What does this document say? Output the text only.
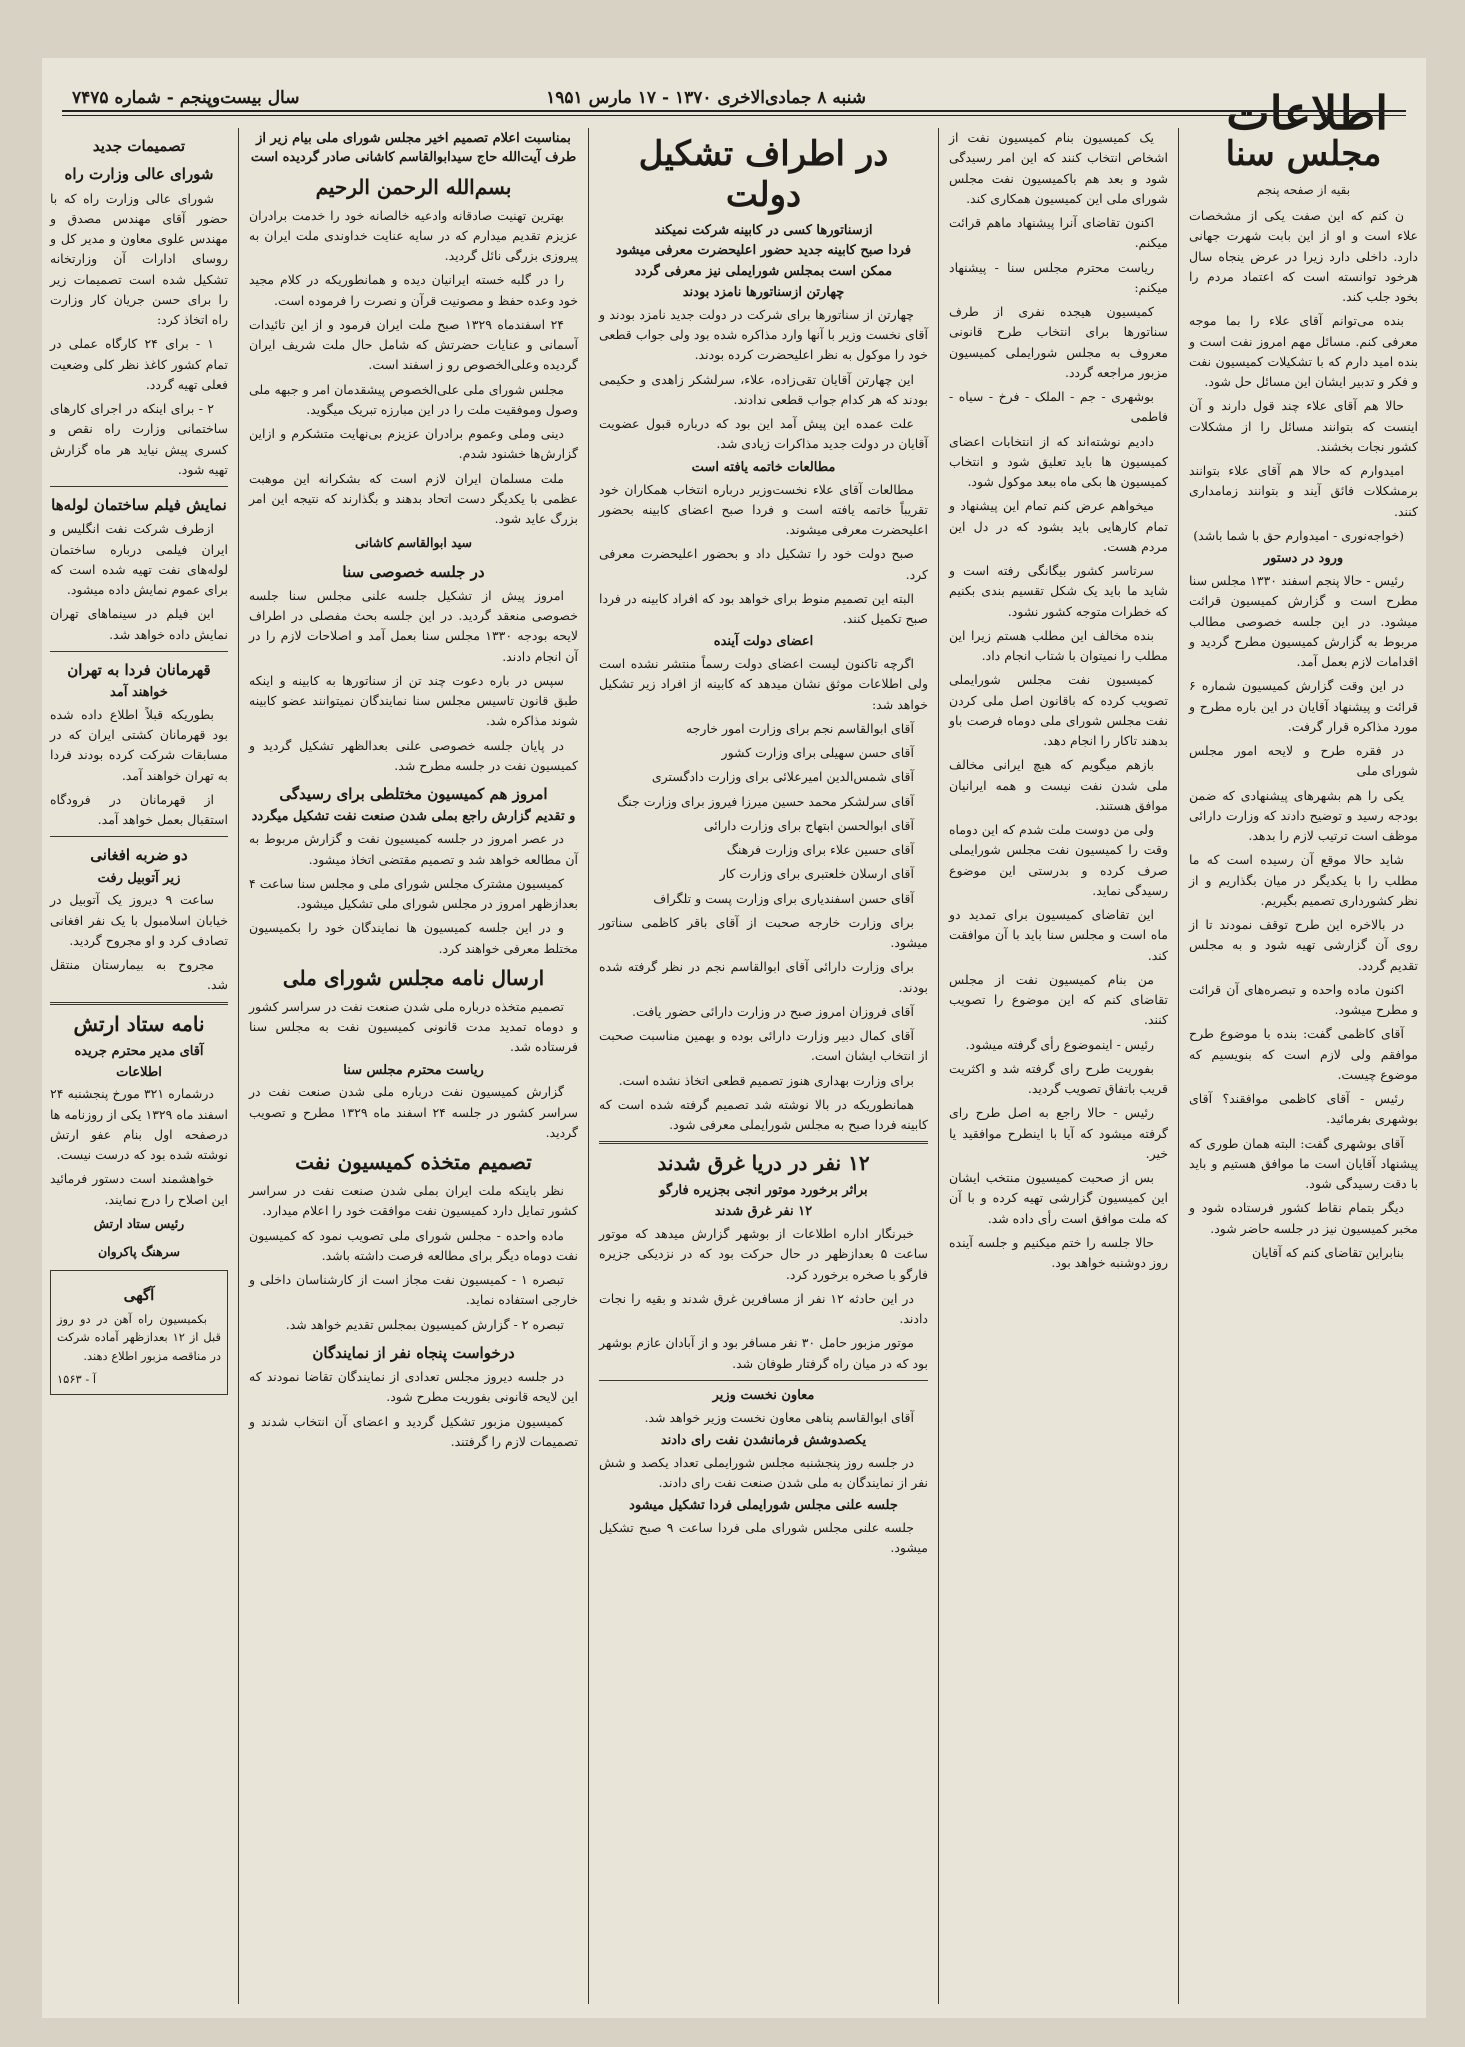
اطلاعات
شنبه ۸ جمادی‌الاخری ۱۳۷۰ - ۱۷ مارس ۱۹۵۱
سال بیست‌وپنجم - شماره ۷۴۷۵
مجلس سنا
بقیه از صفحه پنجم

ن کنم که این صفت یکی از مشخصات علاء است و او از این بابت شهرت جهانی دارد. داخلی دارد زیرا در عرض ینجاه سال هرخود توانسته است که اعتماد مردم را بخود جلب کند.

بنده می‌توانم آقای علاء را بما موجه معرفی کنم. مسائل مهم امروز نفت است و بنده امید دارم که با تشکیلات کمیسیون نفت و فکر و تدبیر ایشان این مسائل حل شود.

حالا هم آقای علاء چند قول دارند و آن اینست که بتوانند مسائل را از مشکلات کشور نجات بخشند.

امیدوارم که حالا هم آقای علاء بتوانند برمشکلات فائق آیند و بتوانند زمامداری کنند.

(خواجه‌نوری - امیدوارم حق با شما باشد)

ورود در دستور

رئیس - حالا پنجم اسفند ۱۳۳۰ مجلس سنا مطرح است و گزارش کمیسیون قرائت میشود. در این جلسه خصوصی مطالب مربوط به گزارش کمیسیون مطرح گردید و اقدامات لازم بعمل آمد.

در این وقت گزارش کمیسیون شماره ۶ قرائت و پیشنهاد آقایان در این باره مطرح و مورد مذاکره قرار گرفت.

در فقره طرح و لایحه امور مجلس شورای ملی

یکی را هم بشهرهای پیشنهادی که ضمن بودجه رسید و توضیح دادند که وزارت دارائی موظف است ترتیب لازم را بدهد.

شاید حالا موقع آن رسیده است که ما مطلب را با یکدیگر در میان بگذاریم و از نظر کشورداری تصمیم بگیریم.

در بالاخره این طرح توقف نمودند تا از روی آن گزارشی تهیه شود و به مجلس تقدیم گردد.

اکنون ماده واحده و تبصره‌های آن قرائت و مطرح میشود.

آقای کاظمی گفت: بنده با موضوع طرح موافقم ولی لازم است که بنویسیم که موضوع چیست.

رئیس - آقای کاظمی موافقند؟ آقای بوشهری بفرمائید.

آقای بوشهری گفت: البته همان طوری که پیشنهاد آقایان است ما موافق هستیم و باید با دقت رسیدگی شود.

دیگر بتمام نقاط کشور فرستاده شود و مخبر کمیسیون نیز در جلسه حاضر شود.

بنابراین تقاضای کنم که آقایان

یک کمیسیون بنام کمیسیون نفت از اشخاص انتخاب کنند که این امر رسیدگی شود و بعد هم باکمیسیون نفت مجلس شورای ملی این کمیسیون همکاری کند.

اکنون تقاضای آنرا پیشنهاد ماهم قرائت میکنم.

ریاست محترم مجلس سنا - پیشنهاد میکنم:

کمیسیون هیجده نفری از طرف سناتورها برای انتخاب طرح قانونی معروف به مجلس شورایملی کمیسیون مزبور مراجعه گردد.

بوشهری - جم - الملک - فرخ - سیاه - فاطمی

دادیم نوشته‌اند که از انتخابات اعضای کمیسیون ها باید تعلیق شود و انتخاب کمیسیون ها بکی ماه ببعد موکول شود.

میخواهم عرض کنم تمام این پیشنهاد و تمام کارهایی باید بشود که در دل این مردم هست.

سرتاسر کشور بیگانگی رفته است و شاید ما باید یک شکل تقسیم بندی بکنیم که خطرات متوجه کشور نشود.

بنده مخالف این مطلب هستم زیرا این مطلب را نمیتوان با شتاب انجام داد.

کمیسیون نفت مجلس شورایملی تصویب کرده که باقانون اصل ملی کردن نفت مجلس شورای ملی دوماه فرصت باو بدهند تاکار را انجام دهد.

بازهم میگویم که هیچ ایرانی مخالف ملی شدن نفت نیست و همه ایرانیان موافق هستند.

ولی من دوست ملت شدم که این دوماه وقت را کمیسیون نفت مجلس شورایملی صرف کرده و بدرستی این موضوع رسیدگی نماید.

این تقاضای کمیسیون برای تمدید دو ماه است و مجلس سنا باید با آن موافقت کند.

من بنام کمیسیون نفت از مجلس تقاضای کنم که این موضوع را تصویب کنند.

رئیس - اینموضوع رأی گرفته میشود.

بفوریت طرح رای گرفته شد و اکثریت قریب باتفاق تصویب گردید.

رئیس - حالا راجع به اصل طرح رای گرفته میشود که آیا با اینطرح موافقید یا خیر.

بس از صحبت کمیسیون منتخب ایشان این کمیسیون گزارشی تهیه کرده و با آن که ملت موافق است رأی داده شد.

حالا جلسه را ختم میکنیم و جلسه آینده روز دوشنبه خواهد بود.

در اطراف تشکیل دولت
ازسناتورها کسی در کابینه شرکت نمیکند
فردا صبح کابینه جدید حضور اعلیحضرت معرفی میشود
ممکن است بمجلس شورایملی نیز معرفی گردد
چهارتن ازسناتورها نامزد بودند

چهارتن از سناتورها برای شرکت در دولت جدید نامزد بودند و آقای نخست وزیر با آنها وارد مذاکره شده بود ولی جواب قطعی خود را موکول به نظر اعلیحضرت کرده بودند.

این چهارتن آقایان تقی‌زاده، علاء، سرلشکر زاهدی و حکیمی بودند که هر کدام جواب قطعی ندادند.

علت عمده این پیش آمد این بود که درباره قبول عضویت آقایان در دولت جدید مذاکرات زیادی شد.

مطالعات خاتمه یافته است

مطالعات آقای علاء نخست‌وزیر درباره انتخاب همکاران خود تقریباً خاتمه یافته است و فردا صبح اعضای کابینه بحضور اعلیحضرت معرفی میشوند.

صبح دولت خود را تشکیل داد و بحضور اعلیحضرت معرفی کرد.

البته این تصمیم منوط برای خواهد بود که افراد کابینه در فردا صبح تکمیل کنند.

اعضای دولت آینده

اگرچه تاکنون لیست اعضای دولت رسماً منتشر نشده است ولی اطلاعات موثق نشان میدهد که کابینه از افراد زیر تشکیل خواهد شد:

آقای ابوالقاسم نجم برای وزارت امور خارجه

آقای حسن سهیلی برای وزارت کشور

آقای شمس‌الدین امیرعلائی برای وزارت دادگستری

آقای سرلشکر محمد حسین میرزا فیروز برای وزارت جنگ

آقای ابوالحسن ابتهاج برای وزارت دارائی

آقای حسین علاء برای وزارت فرهنگ

آقای ارسلان خلعتبری برای وزارت کار

آقای حسن اسفندیاری برای وزارت پست و تلگراف

برای وزارت خارجه صحبت از آقای باقر کاظمی سناتور میشود.

برای وزارت دارائی آقای ابوالقاسم نجم در نظر گرفته شده بودند.

آقای فروزان امروز صبح در وزارت دارائی حضور یافت.

آقای کمال دبیر وزارت دارائی بوده و بهمین مناسبت صحبت از انتخاب ایشان است.

برای وزارت بهداری هنوز تصمیم قطعی اتخاذ نشده است.

همانطوریکه در بالا نوشته شد تصمیم گرفته شده است که کابینه فردا صبح به مجلس شورایملی معرفی شود.

۱۲ نفر در دریا غرق شدند
براثر برخورد موتور انجی بجزیره فارگو
۱۲ نفر غرق شدند

خبرنگار اداره اطلاعات از بوشهر گزارش میدهد که موتور ساعت ۵ بعدازظهر در حال حرکت بود که در نزدیکی جزیره فارگو با صخره برخورد کرد.

در این حادثه ۱۲ نفر از مسافرین غرق شدند و بقیه را نجات دادند.

موتور مزبور حامل ۳۰ نفر مسافر بود و از آبادان عازم بوشهر بود که در میان راه گرفتار طوفان شد.

معاون نخست وزیر

آقای ابوالقاسم پناهی معاون نخست وزیر خواهد شد.

یکصدوشش فرمانشدن نفت رای دادند

در جلسه روز پنجشنبه مجلس شورایملی تعداد یکصد و شش نفر از نمایندگان به ملی شدن صنعت نفت رای دادند.

جلسه علنی مجلس شورایملی فردا تشکیل میشود

جلسه علنی مجلس شورای ملی فردا ساعت ۹ صبح تشکیل میشود.

بمناسبت اعلام تصمیم اخیر مجلس شورای ملی بیام زیر از طرف آیت‌الله حاج سیدابوالقاسم کاشانی صادر گردیده است
بسم‌الله الرحمن الرحیم

بهترین تهنیت صادقانه وادعیه خالصانه خود را خدمت برادران عزیزم تقدیم میدارم که در سایه عنایت خداوندی ملت ایران به پیروزی بزرگی نائل گردید.

را در گلبه خسته ایرانیان دیده و همانطوریکه در کلام مجید خود وعده حفظ و مصونیت قرآن و نصرت را فرموده است.

۲۴ اسفندماه ۱۳۲۹ صبح ملت ایران فرمود و از این تائیدات آسمانی و عنایات حضرتش که شامل حال ملت شریف ایران گردیده وعلی‌الخصوص رو ز اسفند است.

مجلس شورای ملی علی‌الخصوص پیشقدمان امر و جبهه ملی وصول وموفقیت ملت را در این مبارزه تبریک میگوید.

دینی وملی وعموم برادران عزیزم بی‌نهایت متشکرم و ازاین گزارش‌ها خشنود شدم.

ملت مسلمان ایران لازم است که بشکرانه این موهبت عظمی با یکدیگر دست اتحاد بدهند و بگذارند که نتیجه این امر بزرگ عاید شود.

سید ابوالقاسم کاشانی
در جلسه خصوصی سنا

امروز پیش از تشکیل جلسه علنی مجلس سنا جلسه خصوصی منعقد گردید. در این جلسه بحث مفصلی در اطراف لایحه بودجه ۱۳۳۰ مجلس سنا بعمل آمد و اصلاحات لازم را در آن انجام دادند.

سپس در باره دعوت چند تن از سناتورها به کابینه و اینکه طبق قانون تاسیس مجلس سنا نمایندگان نمیتوانند عضو کابینه شوند مذاکره شد.

در پایان جلسه خصوصی علنی بعدالظهر تشکیل گردید و کمیسیون نفت در جلسه مطرح شد.

امروز هم کمیسیون مختلطی برای رسیدگی
و تقدیم گزارش راجع بملی شدن صنعت نفت تشکیل میگردد

در عصر امروز در جلسه کمیسیون نفت و گزارش مربوط به آن مطالعه خواهد شد و تصمیم مقتضی اتخاذ میشود.

کمیسیون مشترک مجلس شورای ملی و مجلس سنا ساعت ۴ بعدازظهر امروز در مجلس شورای ملی تشکیل میشود.

و در این جلسه کمیسیون ها نمایندگان خود را بکمیسیون مختلط معرفی خواهند کرد.

ارسال نامه مجلس شورای ملی

تصمیم متخذه درباره ملی شدن صنعت نفت در سراسر کشور و دوماه تمدید مدت قانونی کمیسیون نفت به مجلس سنا فرستاده شد.

ریاست محترم مجلس سنا

گزارش کمیسیون نفت درباره ملی شدن صنعت نفت در سراسر کشور در جلسه ۲۴ اسفند ماه ۱۳۲۹ مطرح و تصویب گردید.

تصمیم متخذه کمیسیون نفت

نظر باینکه ملت ایران بملی شدن صنعت نفت در سراسر کشور تمایل دارد کمیسیون نفت موافقت خود را اعلام میدارد.

ماده واحده - مجلس شورای ملی تصویب نمود که کمیسیون نفت دوماه دیگر برای مطالعه فرصت داشته باشد.

تبصره ۱ - کمیسیون نفت مجاز است از کارشناسان داخلی و خارجی استفاده نماید.

تبصره ۲ - گزارش کمیسیون بمجلس تقدیم خواهد شد.

درخواست پنجاه‌ نفر از نمایندگان

در جلسه دیروز مجلس تعدادی از نمایندگان تقاضا نمودند که این لایحه قانونی بفوریت مطرح شود.

کمیسیون مزبور تشکیل گردید و اعضای آن انتخاب شدند و تصمیمات لازم را گرفتند.

تصمیمات جدید
شورای عالی وزارت راه

شورای عالی وزارت راه که با حضور آقای مهندس مصدق و مهندس علوی معاون و مدیر کل و روسای ادارات آن وزارتخانه تشکیل شده است تصمیمات زیر را برای حسن جریان کار وزارت راه اتخاذ کرد:

۱ - برای ۲۴ کارگاه عملی در تمام کشور کاغذ نظر کلی وضعیت فعلی تهیه گردد.

۲ - برای اینکه در اجرای کارهای ساختمانی وزارت راه نقص و کسری پیش نیاید هر ماه گزارش تهیه شود.

نمایش فیلم ساختمان لوله‌ها

ازطرف شرکت نفت انگلیس و ایران فیلمی درباره ساختمان لوله‌های نفت تهیه شده است که برای عموم نمایش داده میشود.

این فیلم در سینماهای تهران نمایش داده خواهد شد.

قهرمانان فردا به تهران
خواهند آمد

بطوریکه قبلاً اطلاع داده شده بود قهرمانان کشتی ایران که در مسابقات شرکت کرده بودند فردا به تهران خواهند آمد.

از قهرمانان در فرودگاه استقبال بعمل خواهد آمد.

دو ضربه افغانی
زیر آتوبیل رفت

ساعت ۹ دیروز یک آتوبیل در خیابان اسلامبول با یک نفر افغانی تصادف کرد و او مجروح گردید.

مجروح به بیمارستان منتقل شد.

نامه ستاد ارتش
آقای مدیر محترم جریده
اطلاعات

درشماره ۳۲۱ مورخ پنجشنبه ۲۴ اسفند ماه ۱۳۲۹ یکی از روزنامه ها درصفحه اول بنام عفو ارتش نوشته شده بود که درست نیست.

خواهشمند است دستور فرمائید این اصلاح را درج نمایند.

رئیس ستاد ارتش
سرهنگ پاکروان
آگهی

بکمیسیون راه آهن در دو روز قبل از ۱۲ بعدازظهر آماده شرکت در مناقصه مزبور اطلاع دهند.

آ - ۱۵۶۳
